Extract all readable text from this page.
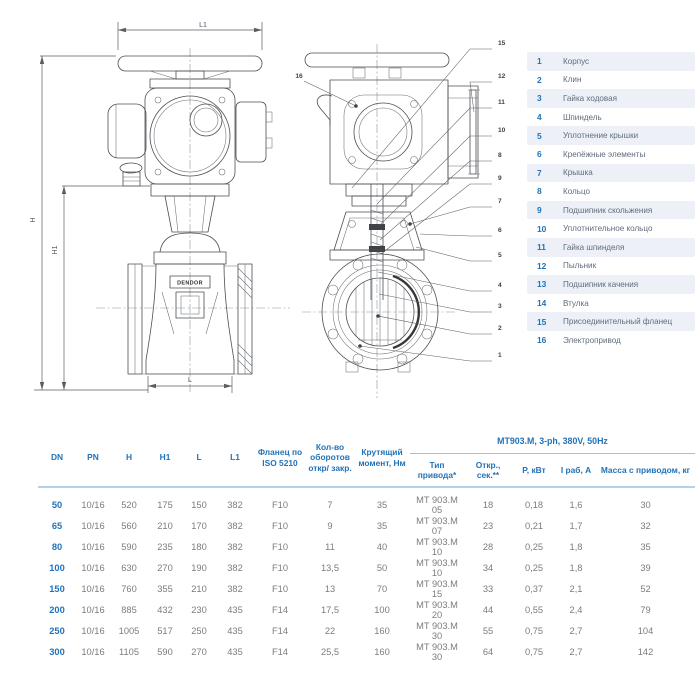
DENDOR
L1
H
H1
L
16
15
12
11
10
8
9
7
6
5
4
3
2
1
1	Корпус
2	Клин
3	Гайка ходовая
4	Шпиндель
5	Уплотнение крышки
6	Крепёжные элементы
7	Крышка
8	Кольцо
9	Подшипник скольжения
10	Уплотнительное кольцо
11	Гайка шпинделя
12	Пыльник
13	Подшипник качения
14	Втулка
15	Присоединительный фланец
16	Электропривод
DN	PN	H	H1	L	L1	Фланец по ISO 5210	Кол-во оборотов откр/ закр.	Крутящий момент, Нм	MT903.M, 3-ph, 380V, 50Hz				
									Тип привода*	Откр., сек.**	P, кВт	I раб, A	Масса с приводом, кг
50	10/16	520	175	150	382	F10	7	35	MT 903.M 05	18	0,18	1,6	30
65	10/16	560	210	170	382	F10	9	35	MT 903.M 07	23	0,21	1,7	32
80	10/16	590	235	180	382	F10	11	40	MT 903.M 10	28	0,25	1,8	35
100	10/16	630	270	190	382	F10	13,5	50	MT 903.M 10	34	0,25	1,8	39
150	10/16	760	355	210	382	F10	13	70	MT 903.M 15	33	0,37	2,1	52
200	10/16	885	432	230	435	F14	17,5	100	MT 903.M 20	44	0,55	2,4	79
250	10/16	1005	517	250	435	F14	22	160	MT 903.M 30	55	0,75	2,7	104
300	10/16	1105	590	270	435	F14	25,5	160	MT 903.M 30	64	0,75	2,7	142
